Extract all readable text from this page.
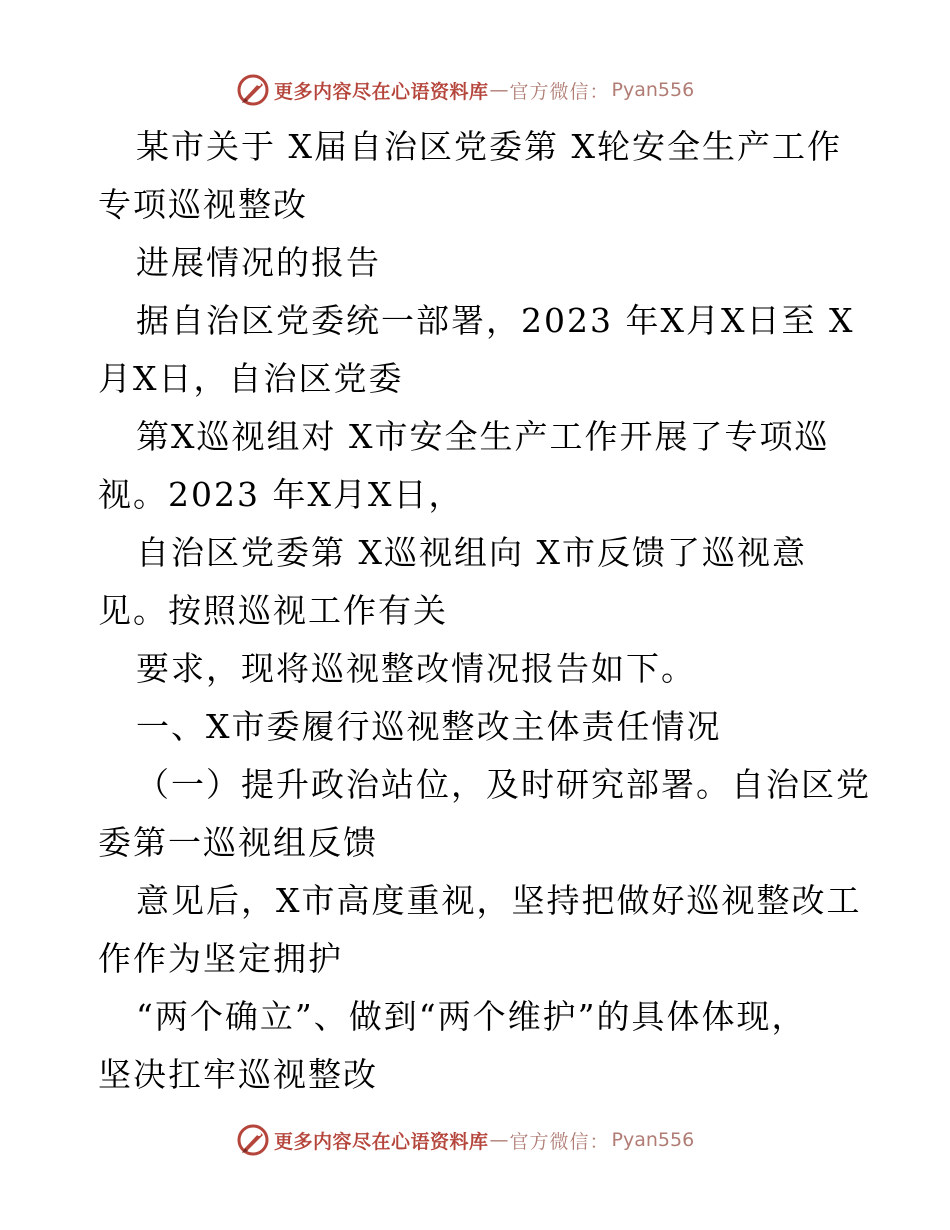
更多内容尽在心语资料库 — 官方微信： Pyan556
某市关于 X届自治区党委第 X轮安全生产工作
专项巡视整改
进展情况的报告
据自治区党委统一部署，2023 年X月X日至 X
月X日，自治区党委
第X巡视组对 X市安全生产工作开展了专项巡
视。2023 年X月X日，
自治区党委第 X巡视组向 X市反馈了巡视意
见。按照巡视工作有关
要求，现将巡视整改情况报告如下。
一、X市委履行巡视整改主体责任情况
（一）提升政治站位，及时研究部署。自治区党
委第一巡视组反馈
意见后，X市高度重视，坚持把做好巡视整改工
作作为坚定拥护
“两个确立”、做到“两个维护”的具体体现，
坚决扛牢巡视整改
更多内容尽在心语资料库 — 官方微信： Pyan556
